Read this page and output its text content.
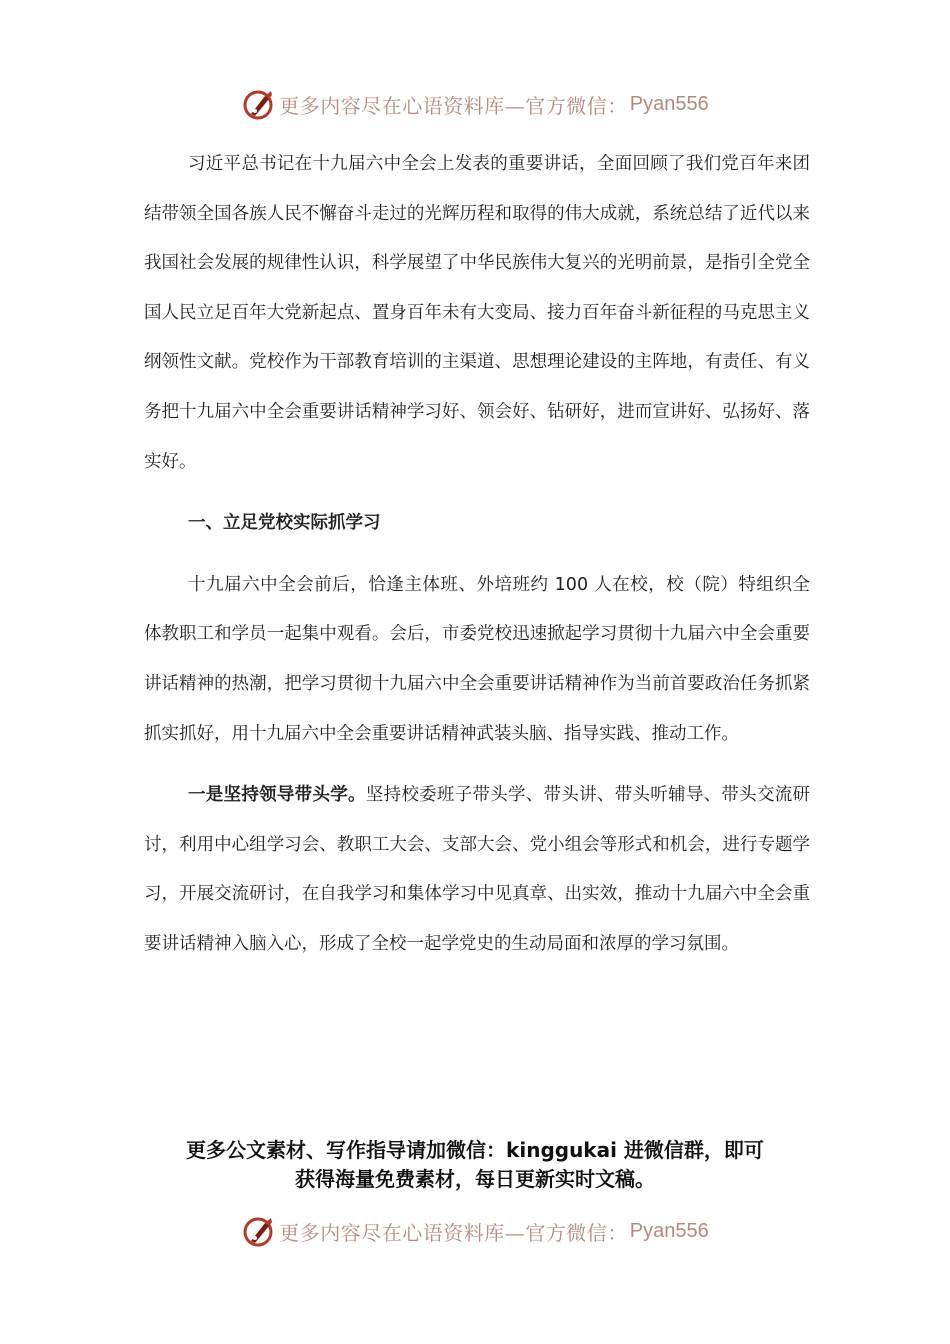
更多内容尽在心语资料库—官方微信： Pyan556

习近平总书记在十九届六中全会上发表的重要讲话，全面回顾了我们党百年来团结带领全国各族人民不懈奋斗走过的光辉历程和取得的伟大成就，系统总结了近代以来我国社会发展的规律性认识，科学展望了中华民族伟大复兴的光明前景，是指引全党全国人民立足百年大党新起点、置身百年未有大变局、接力百年奋斗新征程的马克思主义纲领性文献。党校作为干部教育培训的主渠道、思想理论建设的主阵地，有责任、有义务把十九届六中全会重要讲话精神学习好、领会好、钻研好，进而宣讲好、弘扬好、落实好。

一、立足党校实际抓学习

十九届六中全会前后，恰逢主体班、外培班约 100 人在校，校（院）特组织全体教职工和学员一起集中观看。会后，市委党校迅速掀起学习贯彻十九届六中全会重要讲话精神的热潮，把学习贯彻十九届六中全会重要讲话精神作为当前首要政治任务抓紧抓实抓好，用十九届六中全会重要讲话精神武装头脑、指导实践、推动工作。

一是坚持领导带头学。坚持校委班子带头学、带头讲、带头听辅导、带头交流研讨，利用中心组学习会、教职工大会、支部大会、党小组会等形式和机会，进行专题学习，开展交流研讨，在自我学习和集体学习中见真章、出实效，推动十九届六中全会重要讲话精神入脑入心，形成了全校一起学党史的生动局面和浓厚的学习氛围。

更多公文素材、写作指导请加微信：kinggukai 进微信群，即可
获得海量免费素材，每日更新实时文稿。
更多内容尽在心语资料库—官方微信： Pyan556
